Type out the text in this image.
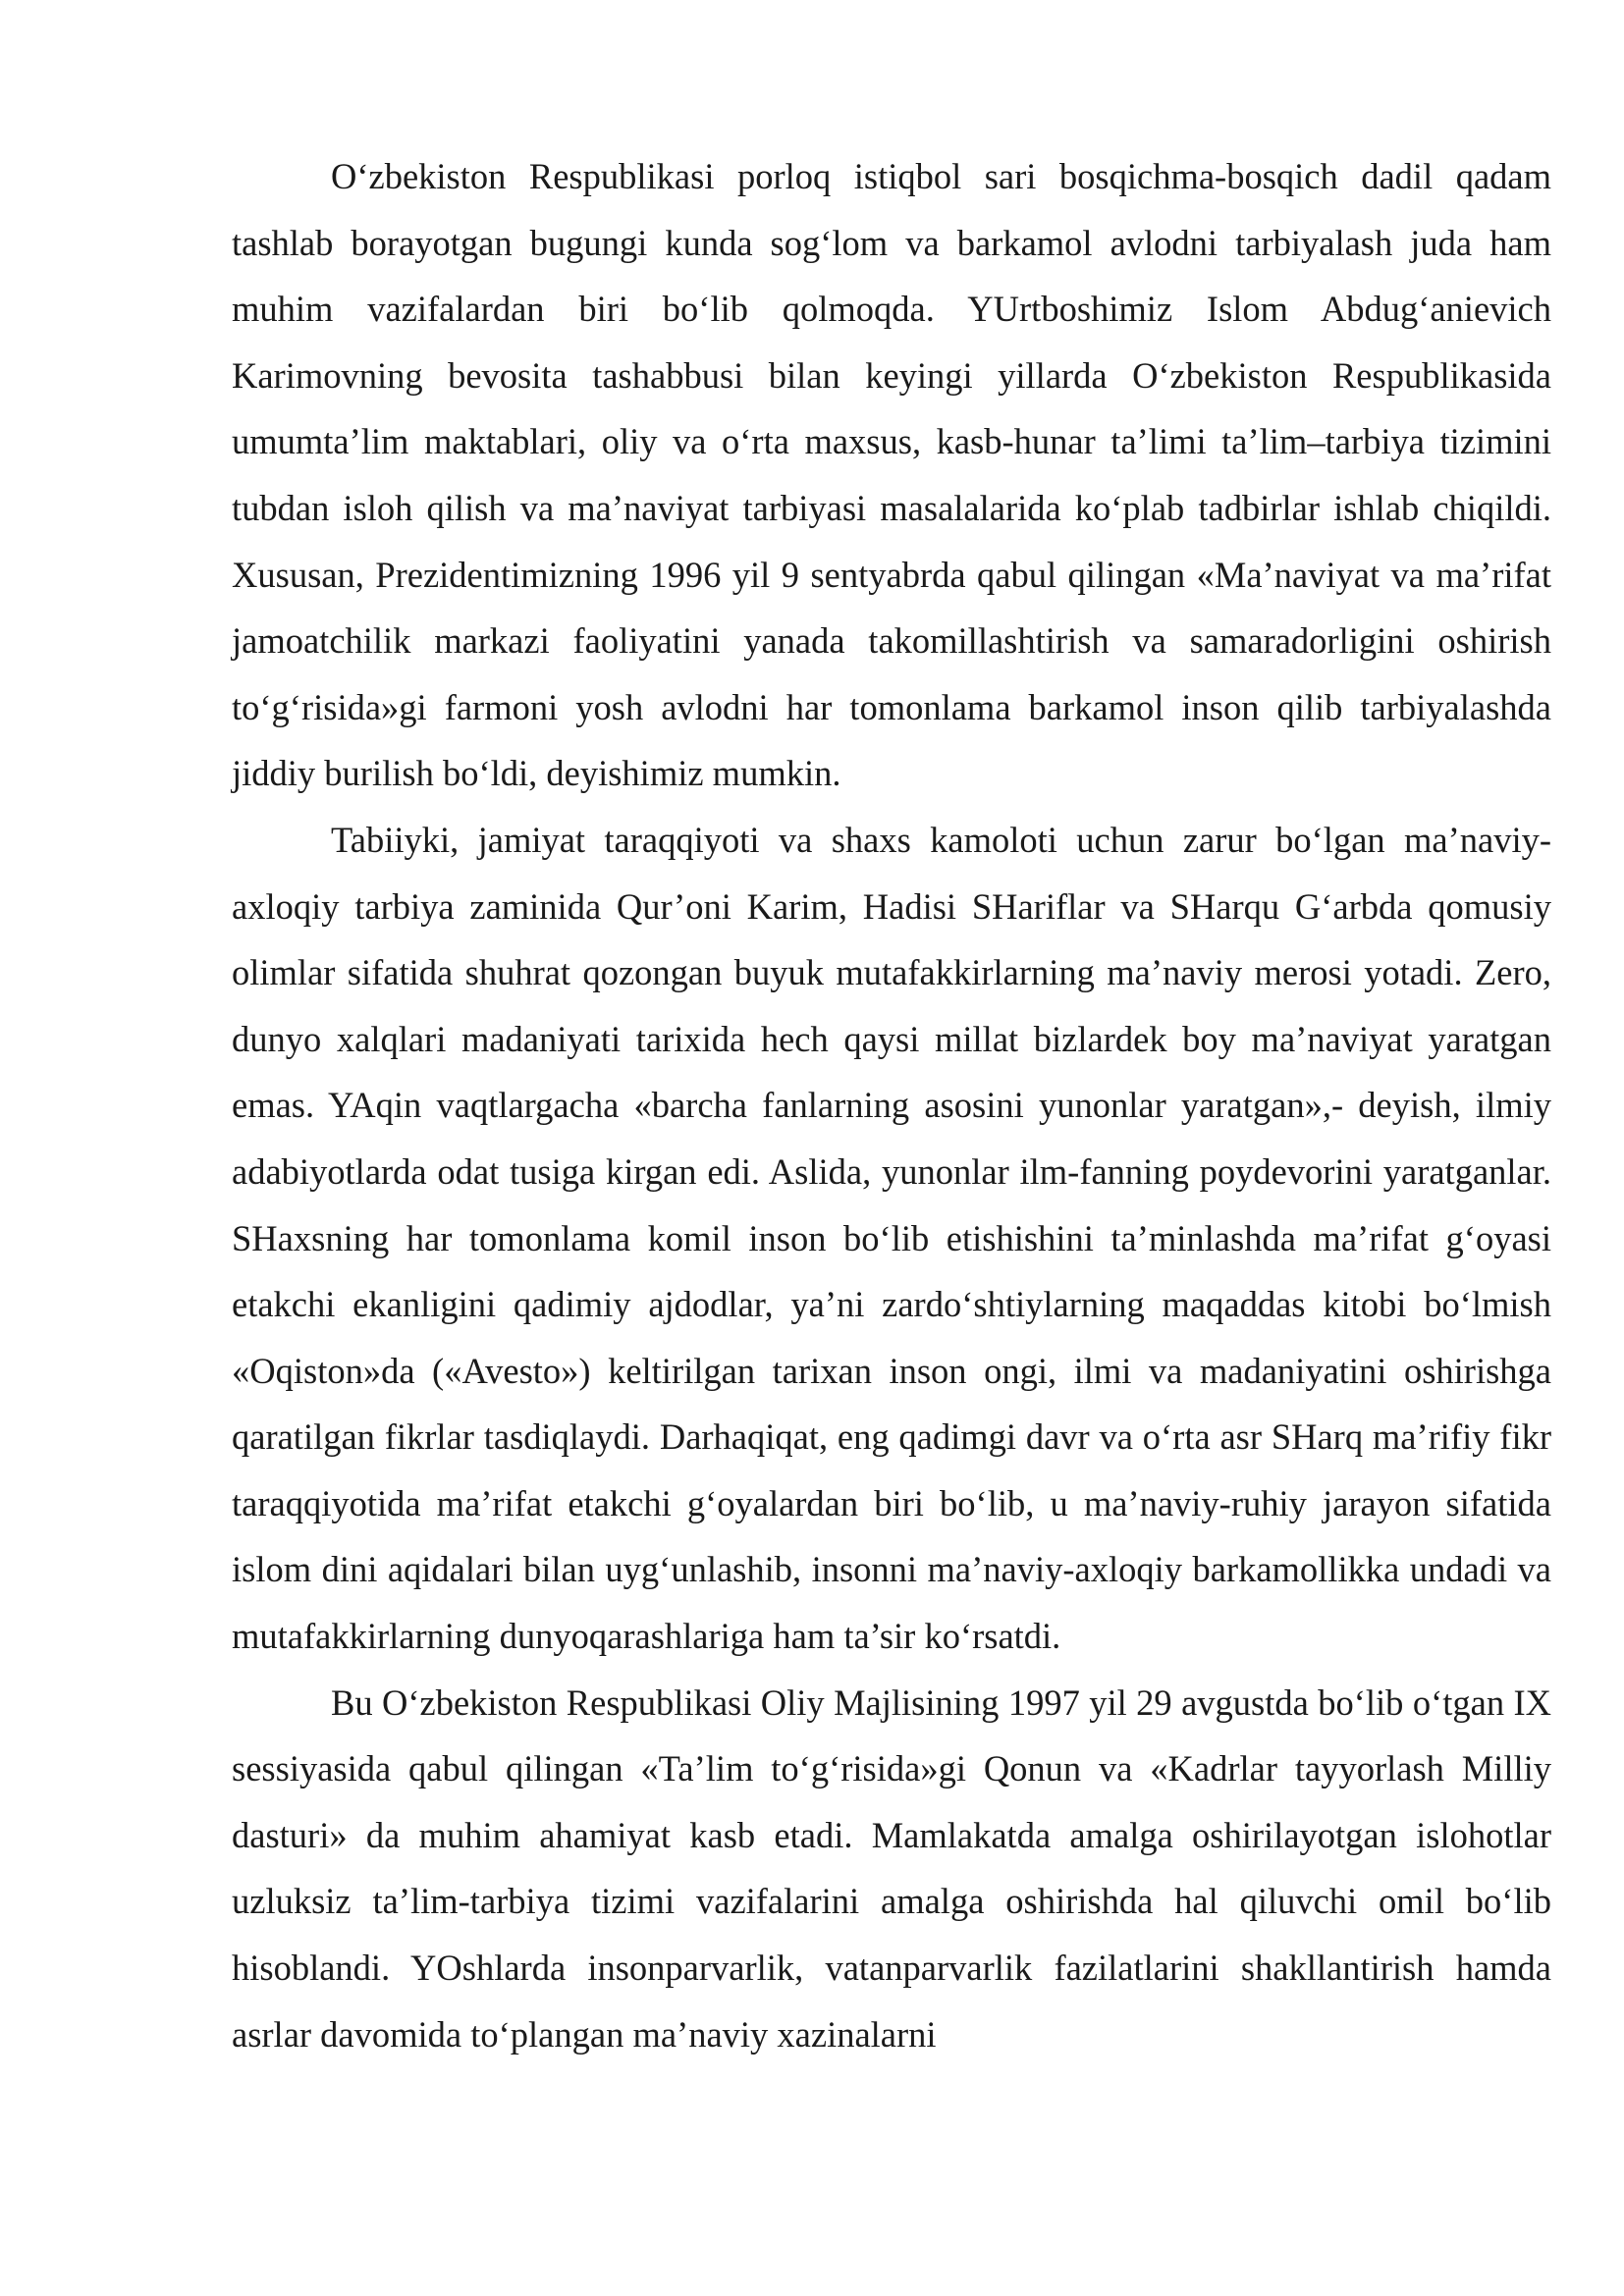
O‘zbekiston Respublikasi porloq istiqbol sari bosqichma-bosqich dadil qadam tashlab borayotgan bugungi kunda sog‘lom va barkamol avlodni tarbiyalash juda ham muhim vazifalardan biri bo‘lib qolmoqda. YUrtboshimiz Islom Abdug‘anievich Karimovning bevosita tashabbusi bilan keyingi yillarda O‘zbekiston Respublikasida umumta’lim maktablari, oliy va o‘rta maxsus, kasb-hunar ta’limi ta’lim–tarbiya tizimini tubdan isloh qilish va ma’naviyat tarbiyasi masalalarida ko‘plab tadbirlar ishlab chiqildi. Xususan, Prezidentimizning 1996 yil 9 sentyabrda qabul qilingan «Ma’naviyat va ma’rifat jamoatchilik markazi faoliyatini yanada takomillashtirish va samaradorligini oshirish to‘g‘risida»gi farmoni yosh avlodni har tomonlama barkamol inson qilib tarbiyalashda jiddiy burilish bo‘ldi, deyishimiz mumkin.

Tabiiyki, jamiyat taraqqiyoti va shaxs kamoloti uchun zarur bo‘lgan ma’naviy-axloqiy tarbiya zaminida Qur’oni Karim, Hadisi SHariflar va SHarqu G‘arbda qomusiy olimlar sifatida shuhrat qozongan buyuk mutafakkirlarning ma’naviy merosi yotadi. Zero, dunyo xalqlari madaniyati tarixida hech qaysi millat bizlardek boy ma’naviyat yaratgan emas. YAqin vaqtlargacha «barcha fanlarning asosini yunonlar yaratgan»,- deyish, ilmiy adabiyotlarda odat tusiga kirgan edi. Aslida, yunonlar ilm-fanning poydevorini yaratganlar. SHaxsning har tomonlama komil inson bo‘lib etishishini ta’minlashda ma’rifat g‘oyasi etakchi ekanligini qadimiy ajdodlar, ya’ni zardo‘shtiylarning maqaddas kitobi bo‘lmish «Oqiston»da («Avesto») keltirilgan tarixan inson ongi, ilmi va madaniyatini oshirishga qaratilgan fikrlar tasdiqlaydi. Darhaqiqat, eng qadimgi davr va o‘rta asr SHarq ma’rifiy fikr taraqqiyotida ma’rifat etakchi g‘oyalardan biri bo‘lib, u ma’naviy-ruhiy jarayon sifatida islom dini aqidalari bilan uyg‘unlashib, insonni ma’naviy-axloqiy barkamollikka undadi va mutafakkirlarning dunyoqarashlariga ham ta’sir ko‘rsatdi.

Bu O‘zbekiston Respublikasi Oliy Majlisining 1997 yil 29 avgustda bo‘lib o‘tgan IX sessiyasida qabul qilingan «Ta’lim to‘g‘risida»gi Qonun va «Kadrlar tayyorlash Milliy dasturi» da muhim ahamiyat kasb etadi. Mamlakatda amalga oshirilayotgan islohotlar uzluksiz ta’lim-tarbiya tizimi vazifalarini amalga oshirishda hal qiluvchi omil bo‘lib hisoblandi. YOshlarda insonparvarlik, vatanparvarlik fazilatlarini shakllantirish hamda asrlar davomida to‘plangan ma’naviy xazinalarni
